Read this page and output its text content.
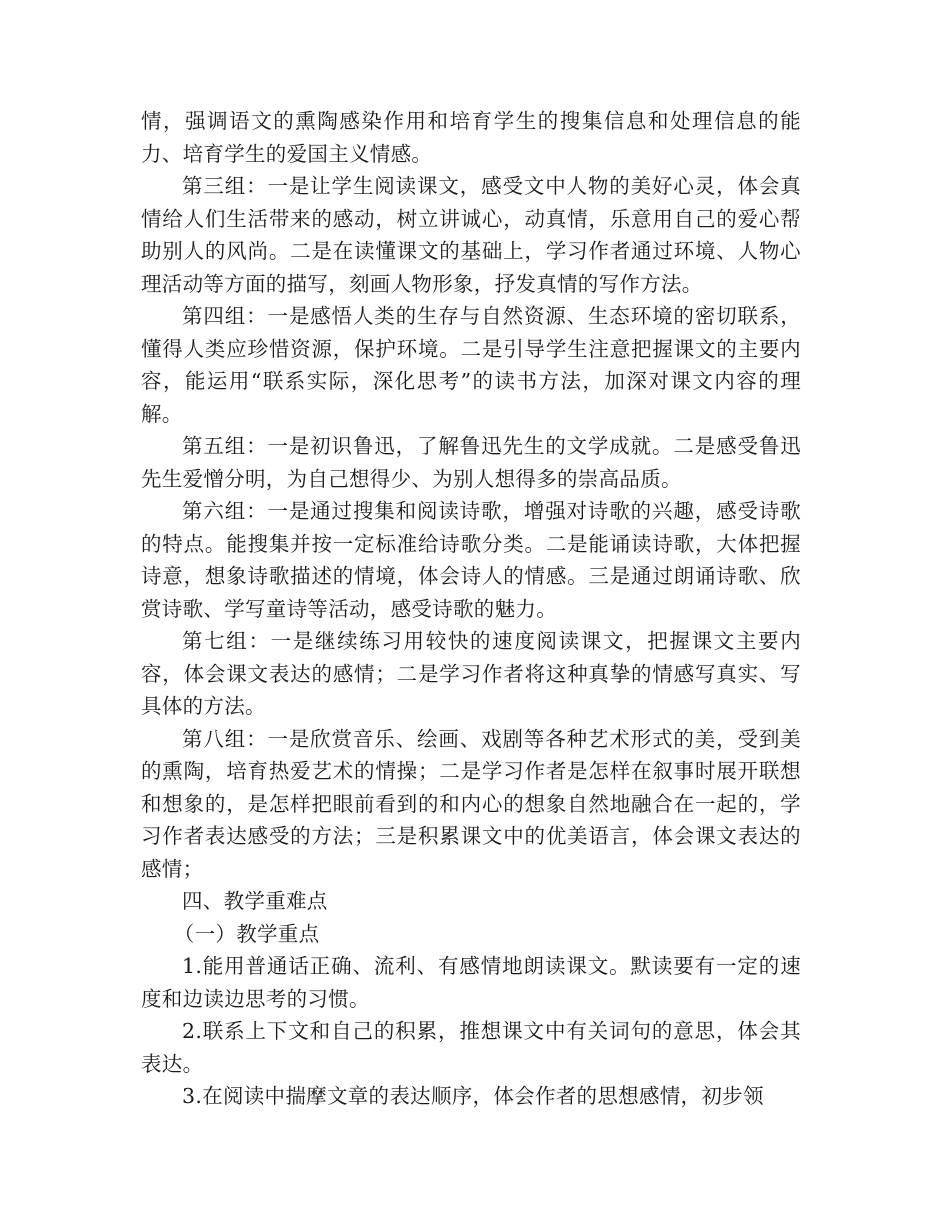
情，强调语文的熏陶感染作用和培育学生的搜集信息和处理信息的能力、培育学生的爱国主义情感。

第三组：一是让学生阅读课文，感受文中人物的美好心灵，体会真情给人们生活带来的感动，树立讲诚心，动真情，乐意用自己的爱心帮助别人的风尚。二是在读懂课文的基础上，学习作者通过环境、人物心理活动等方面的描写，刻画人物形象，抒发真情的写作方法。

第四组：一是感悟人类的生存与自然资源、生态环境的密切联系，懂得人类应珍惜资源，保护环境。二是引导学生注意把握课文的主要内容，能运用“联系实际，深化思考”的读书方法，加深对课文内容的理解。

第五组：一是初识鲁迅，了解鲁迅先生的文学成就。二是感受鲁迅先生爱憎分明，为自己想得少、为别人想得多的崇高品质。

第六组：一是通过搜集和阅读诗歌，增强对诗歌的兴趣，感受诗歌的特点。能搜集并按一定标准给诗歌分类。二是能诵读诗歌，大体把握诗意，想象诗歌描述的情境，体会诗人的情感。三是通过朗诵诗歌、欣赏诗歌、学写童诗等活动，感受诗歌的魅力。

第七组：一是继续练习用较快的速度阅读课文，把握课文主要内容，体会课文表达的感情；二是学习作者将这种真挚的情感写真实、写具体的方法。

第八组：一是欣赏音乐、绘画、戏剧等各种艺术形式的美，受到美的熏陶，培育热爱艺术的情操；二是学习作者是怎样在叙事时展开联想和想象的，是怎样把眼前看到的和内心的想象自然地融合在一起的，学习作者表达感受的方法；三是积累课文中的优美语言，体会课文表达的感情；

四、教学重难点

（一）教学重点

1.能用普通话正确、流利、有感情地朗读课文。默读要有一定的速度和边读边思考的习惯。

2.联系上下文和自己的积累，推想课文中有关词句的意思，体会其表达。

3.在阅读中揣摩文章的表达顺序，体会作者的思想感情，初步领
